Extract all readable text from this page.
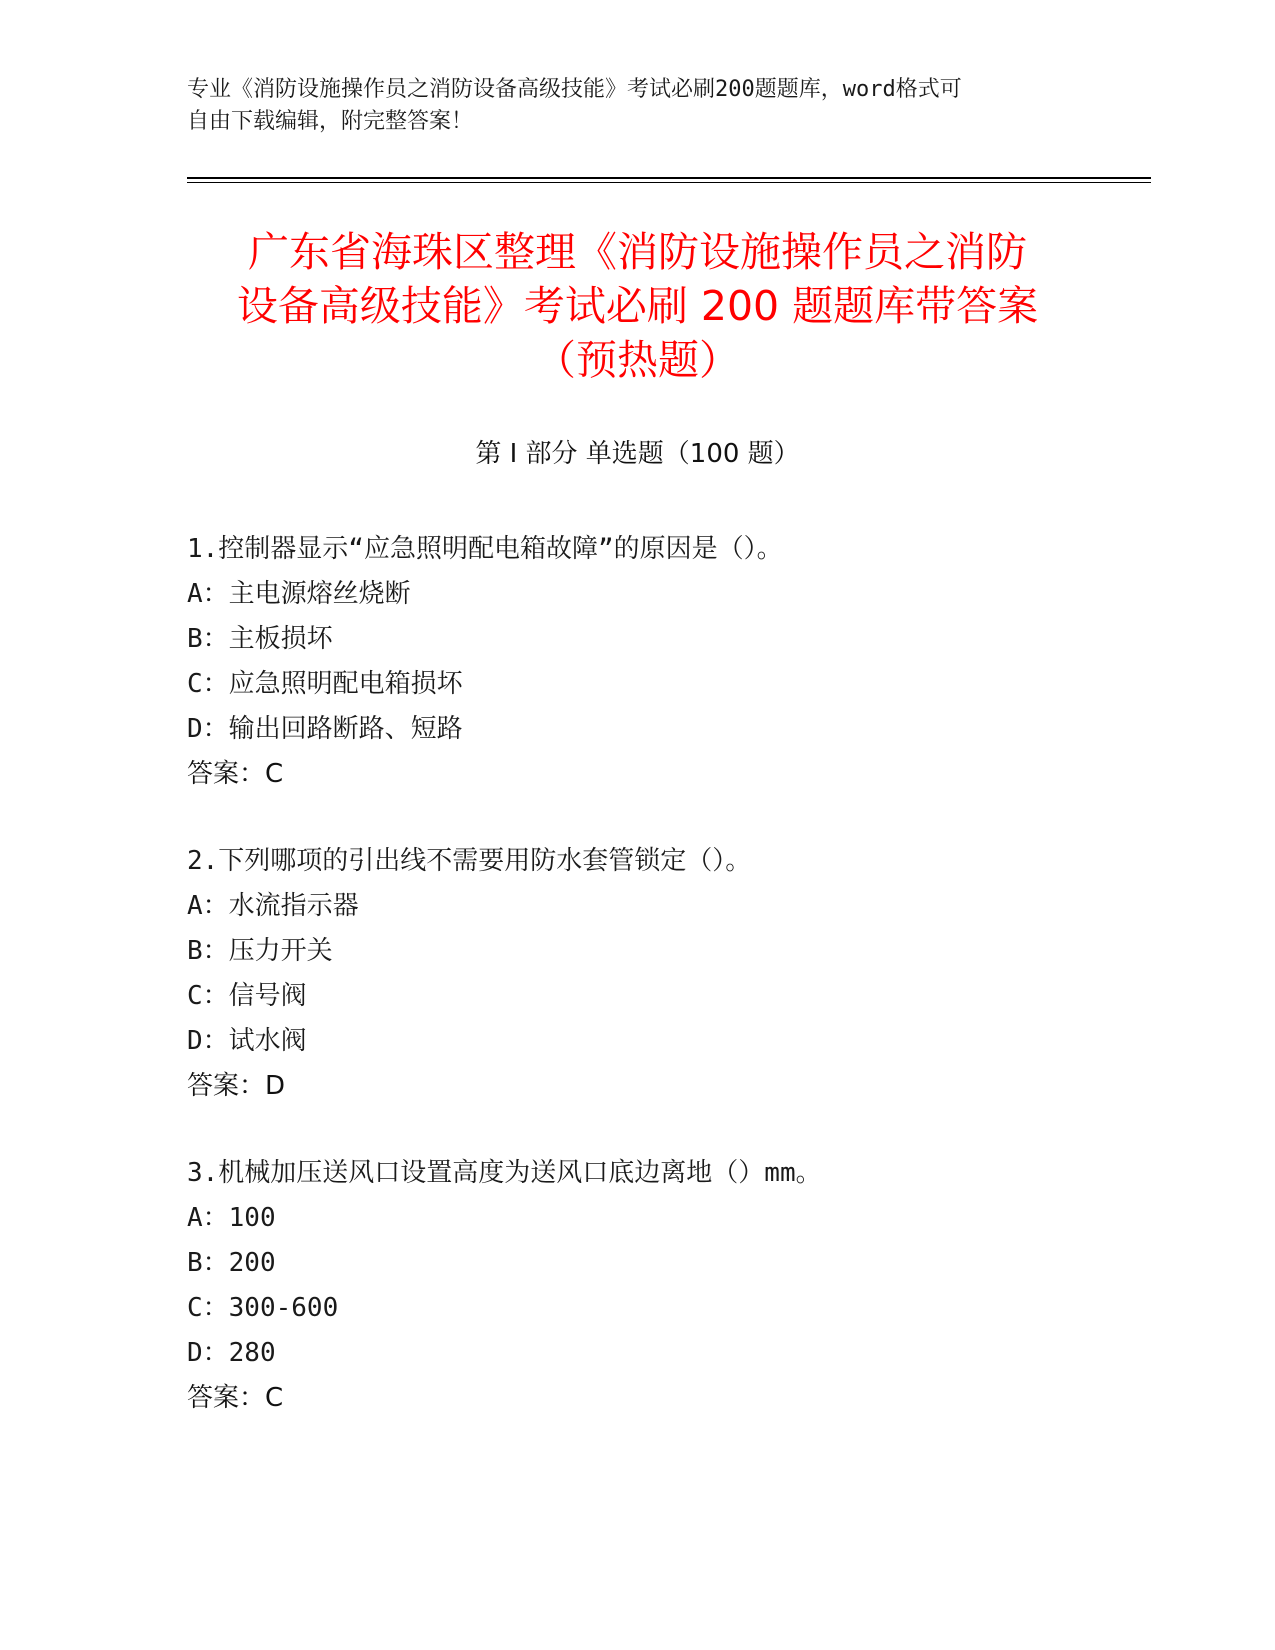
专业《消防设施操作员之消防设备高级技能》考试必刷200题题库，word格式可
自由下载编辑，附完整答案！
广东省海珠区整理《消防设施操作员之消防
设备高级技能》考试必刷 200 题题库带答案
（预热题）
第 I 部分 单选题（100 题）
1.控制器显示“应急照明配电箱故障”的原因是（）。
A：主电源熔丝烧断
B：主板损坏
C：应急照明配电箱损坏
D：输出回路断路、短路
答案：C
2.下列哪项的引出线不需要用防水套管锁定（）。
A：水流指示器
B：压力开关
C：信号阀
D：试水阀
答案：D
3.机械加压送风口设置高度为送风口底边离地（）mm。
A：100
B：200
C：300-600
D：280
答案：C
